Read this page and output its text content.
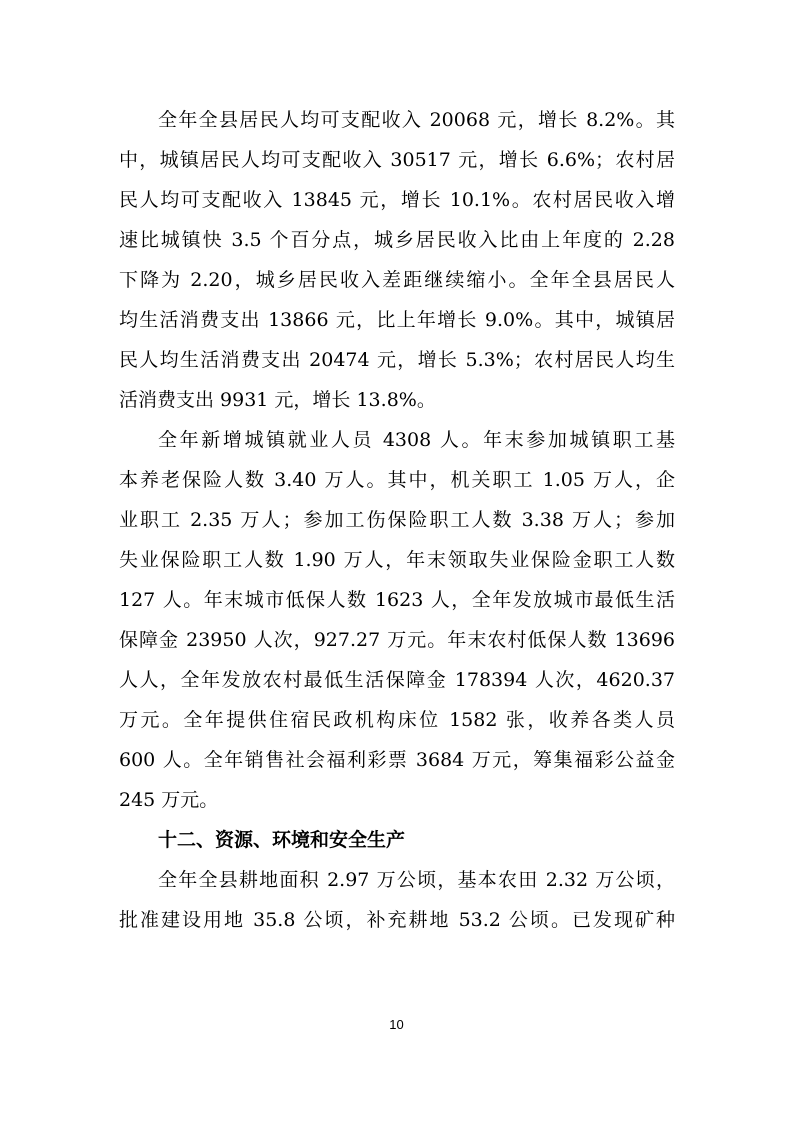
全年全县居民人均可支配收入 20068 元，增长 8.2%。其
中，城镇居民人均可支配收入 30517 元，增长 6.6%；农村居
民人均可支配收入 13845 元，增长 10.1%。农村居民收入增
速比城镇快 3.5 个百分点，城乡居民收入比由上年度的 2.28
下降为 2.20，城乡居民收入差距继续缩小。全年全县居民人
均生活消费支出 13866 元，比上年增长 9.0%。其中，城镇居
民人均生活消费支出 20474 元，增长 5.3%；农村居民人均生
活消费支出 9931 元，增长 13.8%。
全年新增城镇就业人员 4308 人。年末参加城镇职工基
本养老保险人数 3.40 万人。其中，机关职工 1.05 万人，企
业职工 2.35 万人；参加工伤保险职工人数 3.38 万人；参加
失业保险职工人数 1.90 万人，年末领取失业保险金职工人数
127 人。年末城市低保人数 1623 人，全年发放城市最低生活
保障金 23950 人次，927.27 万元。年末农村低保人数 13696
人人，全年发放农村最低生活保障金 178394 人次，4620.37
万元。全年提供住宿民政机构床位 1582 张，收养各类人员
600 人。全年销售社会福利彩票 3684 万元，筹集福彩公益金
245 万元。
十二、资源、环境和安全生产
全年全县耕地面积 2.97 万公顷，基本农田 2.32 万公顷，
批准建设用地 35.8 公顷，补充耕地 53.2 公顷。已发现矿种
10
